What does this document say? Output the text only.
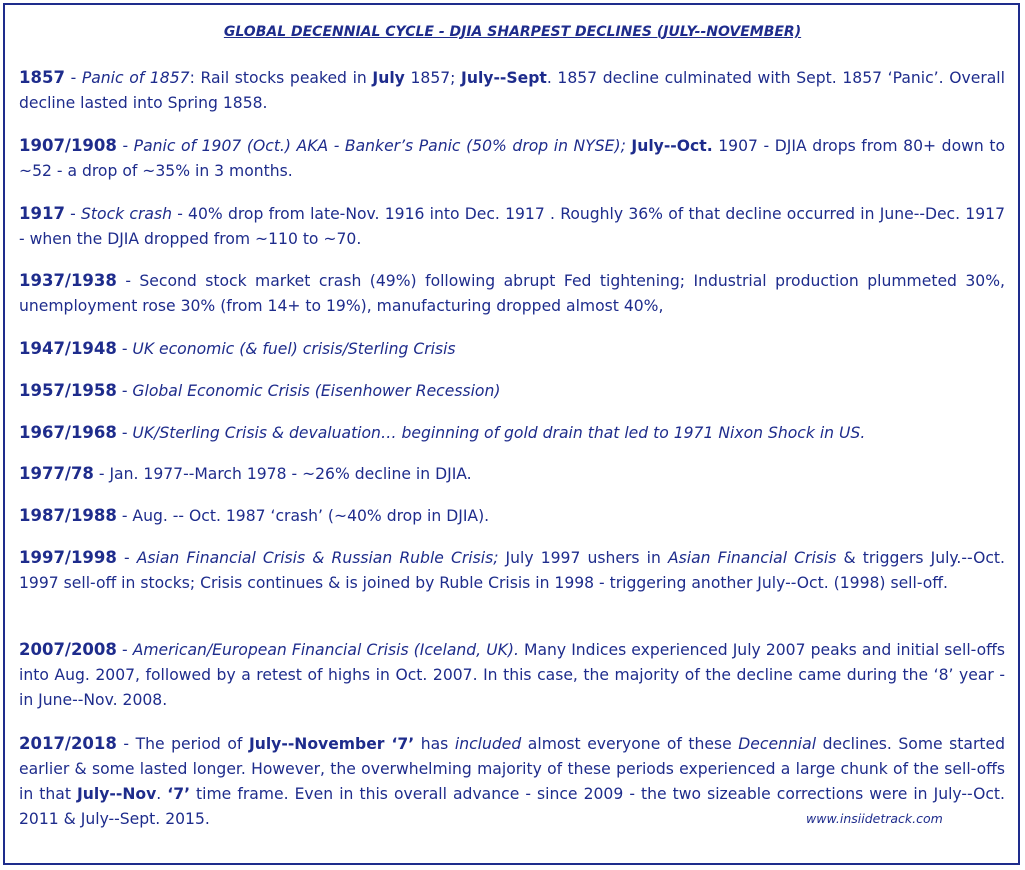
GLOBAL DECENNIAL CYCLE - DJIA SHARPEST DECLINES (JULY--NOVEMBER)

1857 - Panic of 1857: Rail stocks peaked in July 1857; July--Sept. 1857 decline culminated with Sept. 1857 ‘Panic’. Overall decline lasted into Spring 1858.

1907/1908 - Panic of 1907 (Oct.) AKA - Banker’s Panic (50% drop in NYSE); July--Oct. 1907 - DJIA drops from 80+ down to ~52 - a drop of ~35% in 3 months.

1917 - Stock crash - 40% drop from late-Nov. 1916 into Dec. 1917 . Roughly 36% of that decline occurred in June--Dec. 1917 - when the DJIA dropped from ~110 to ~70.

1937/1938 - Second stock market crash (49%) following abrupt Fed tightening; Industrial production plummeted 30%, unemployment rose 30% (from 14+ to 19%), manufacturing dropped almost 40%,

1947/1948 - UK economic (& fuel) crisis/Sterling Crisis

1957/1958 - Global Economic Crisis (Eisenhower Recession)

1967/1968 - UK/Sterling Crisis & devaluation… beginning of gold drain that led to 1971 Nixon Shock in US.

1977/78 - Jan. 1977--March 1978 - ~26% decline in DJIA.

1987/1988 - Aug. -- Oct. 1987 ‘crash’ (~40% drop in DJIA).

1997/1998 - Asian Financial Crisis & Russian Ruble Crisis; July 1997 ushers in Asian Financial Crisis & triggers July.--Oct. 1997 sell-off in stocks; Crisis continues & is joined by Ruble Crisis in 1998 - triggering another July--Oct. (1998) sell-off.

2007/2008 - American/European Financial Crisis (Iceland, UK). Many Indices experienced July 2007 peaks and initial sell-offs into Aug. 2007, followed by a retest of highs in Oct. 2007. In this case, the majority of the decline came during the ‘8’ year - in June--Nov. 2008.

2017/2018 - The period of July--November ‘7’ has included almost everyone of these Decennial declines. Some started earlier & some lasted longer. However, the overwhelming majority of these periods experienced a large chunk of the sell-offs in that July--Nov. ‘7’ time frame. Even in this overall advance - since 2009 - the two sizeable corrections were in July--Oct. 2011 & July--Sept. 2015.	www.insiidetrack.com
